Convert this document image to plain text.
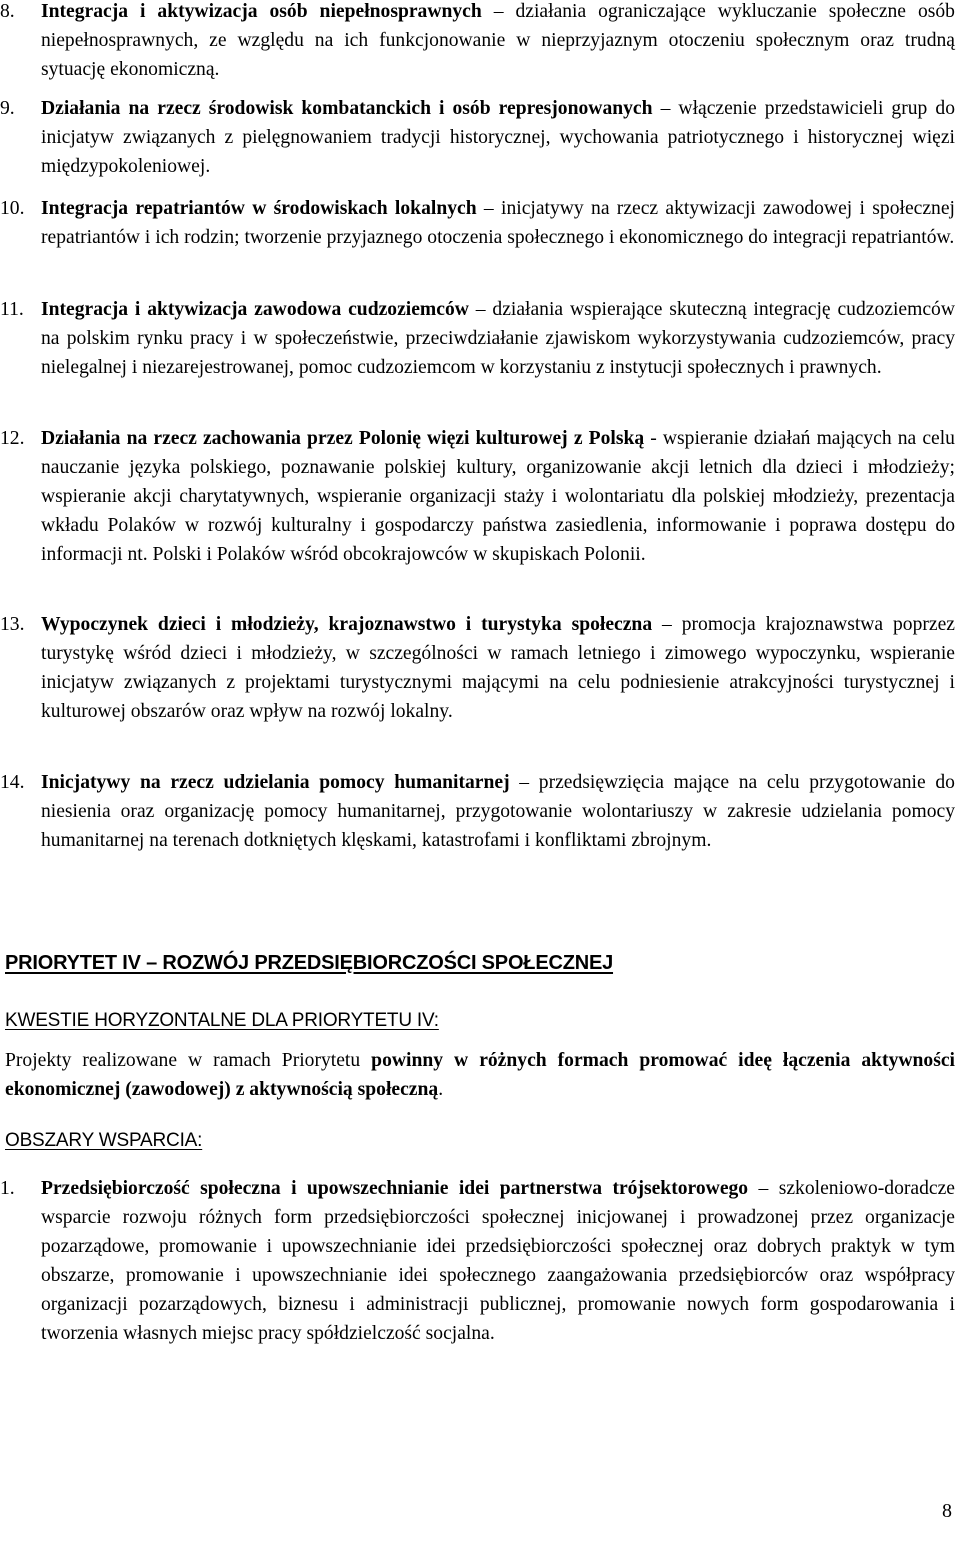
8.	Integracja i aktywizacja osób niepełnosprawnych – działania ograniczające wykluczanie społeczne osób niepełnosprawnych, ze względu na ich funkcjonowanie w nieprzyjaznym otoczeniu społecznym oraz trudną sytuację ekonomiczną.
9.	Działania na rzecz środowisk kombatanckich i osób represjonowanych – włączenie przedstawicieli grup do inicjatyw związanych z pielęgnowaniem tradycji historycznej, wychowania patriotycznego i historycznej więzi międzypokoleniowej.
10. Integracja repatriantów w środowiskach lokalnych – inicjatywy na rzecz aktywizacji zawodowej i społecznej repatriantów i ich rodzin; tworzenie przyjaznego otoczenia społecznego i ekonomicznego do integracji repatriantów.
11. Integracja i aktywizacja zawodowa cudzoziemców – działania wspierające skuteczną integrację cudzoziemców na polskim rynku pracy i w społeczeństwie, przeciwdziałanie zjawiskom wykorzystywania cudzoziemców, pracy nielegalnej i niezarejestrowanej, pomoc cudzoziemcom w korzystaniu z instytucji społecznych i prawnych.
12. Działania na rzecz zachowania przez Polonię więzi kulturowej z Polską - wspieranie działań mających na celu nauczanie języka polskiego, poznawanie polskiej kultury, organizowanie akcji letnich dla dzieci i młodzieży; wspieranie akcji charytatywnych, wspieranie organizacji staży i wolontariatu dla polskiej młodzieży, prezentacja wkładu Polaków w rozwój kulturalny i gospodarczy państwa zasiedlenia, informowanie i poprawa dostępu do informacji nt. Polski i Polaków wśród obcokrajowców w skupiskach Polonii.
13. Wypoczynek dzieci i młodzieży, krajoznawstwo i turystyka społeczna – promocja krajoznawstwa poprzez turystykę wśród dzieci i młodzieży, w szczególności w ramach letniego i zimowego wypoczynku, wspieranie inicjatyw związanych z projektami turystycznymi mającymi na celu podniesienie atrakcyjności turystycznej i kulturowej obszarów oraz wpływ na rozwój lokalny.
14. Inicjatywy na rzecz udzielania pomocy humanitarnej – przedsięwzięcia mające na celu przygotowanie do niesienia oraz organizację pomocy humanitarnej, przygotowanie wolontariuszy w zakresie udzielania pomocy humanitarnej na terenach dotkniętych klęskami, katastrofami i konfliktami zbrojnym.
PRIORYTET IV – ROZWÓJ PRZEDSIĘBIORCZOŚCI SPOŁECZNEJ
KWESTIE HORYZONTALNE DLA PRIORYTETU IV:
Projekty realizowane w ramach Priorytetu powinny w różnych formach promować ideę łączenia aktywności ekonomicznej (zawodowej) z aktywnością społeczną.
OBSZARY WSPARCIA:
1.	Przedsiębiorczość społeczna i upowszechnianie idei partnerstwa trójsektorowego – szkoleniowo-doradcze wsparcie rozwoju różnych form przedsiębiorczości społecznej inicjowanej i prowadzonej przez organizacje pozarządowe, promowanie i upowszechnianie idei przedsiębiorczości społecznej oraz dobrych praktyk w tym obszarze, promowanie i upowszechnianie idei społecznego zaangażowania przedsiębiorców oraz współpracy organizacji pozarządowych, biznesu i administracji publicznej, promowanie nowych form gospodarowania i tworzenia własnych miejsc pracy spółdzielczość socjalna.
8
